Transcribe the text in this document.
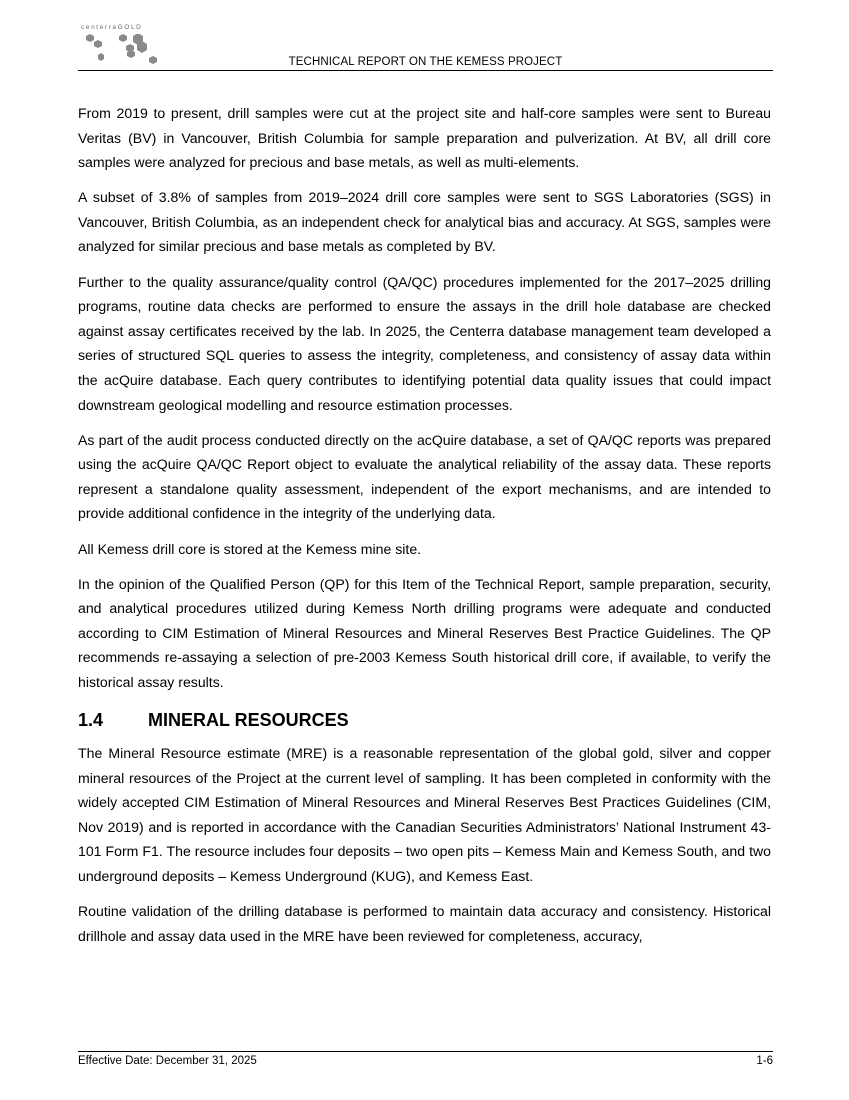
centerraGOLD
TECHNICAL REPORT ON THE KEMESS PROJECT

From 2019 to present, drill samples were cut at the project site and half-core samples were sent to Bureau Veritas (BV) in Vancouver, British Columbia for sample preparation and pulverization. At BV, all drill core samples were analyzed for precious and base metals, as well as multi-elements.

A subset of 3.8% of samples from 2019–2024 drill core samples were sent to SGS Laboratories (SGS) in Vancouver, British Columbia, as an independent check for analytical bias and accuracy. At SGS, samples were analyzed for similar precious and base metals as completed by BV.

Further to the quality assurance/quality control (QA/QC) procedures implemented for the 2017–2025 drilling programs, routine data checks are performed to ensure the assays in the drill hole database are checked against assay certificates received by the lab. In 2025, the Centerra database management team developed a series of structured SQL queries to assess the integrity, completeness, and consistency of assay data within the acQuire database. Each query contributes to identifying potential data quality issues that could impact downstream geological modelling and resource estimation processes.

As part of the audit process conducted directly on the acQuire database, a set of QA/QC reports was prepared using the acQuire QA/QC Report object to evaluate the analytical reliability of the assay data. These reports represent a standalone quality assessment, independent of the export mechanisms, and are intended to provide additional confidence in the integrity of the underlying data.

All Kemess drill core is stored at the Kemess mine site.

In the opinion of the Qualified Person (QP) for this Item of the Technical Report, sample preparation, security, and analytical procedures utilized during Kemess North drilling programs were adequate and conducted according to CIM Estimation of Mineral Resources and Mineral Reserves Best Practice Guidelines. The QP recommends re-assaying a selection of pre-2003 Kemess South historical drill core, if available, to verify the historical assay results.

1.4 MINERAL RESOURCES

The Mineral Resource estimate (MRE) is a reasonable representation of the global gold, silver and copper mineral resources of the Project at the current level of sampling. It has been completed in conformity with the widely accepted CIM Estimation of Mineral Resources and Mineral Reserves Best Practices Guidelines (CIM, Nov 2019) and is reported in accordance with the Canadian Securities Administrators’ National Instrument 43-101 Form F1. The resource includes four deposits – two open pits – Kemess Main and Kemess South, and two underground deposits – Kemess Underground (KUG), and Kemess East.

Routine validation of the drilling database is performed to maintain data accuracy and consistency. Historical drillhole and assay data used in the MRE have been reviewed for completeness, accuracy,

Effective Date: December 31, 2025	1-6
